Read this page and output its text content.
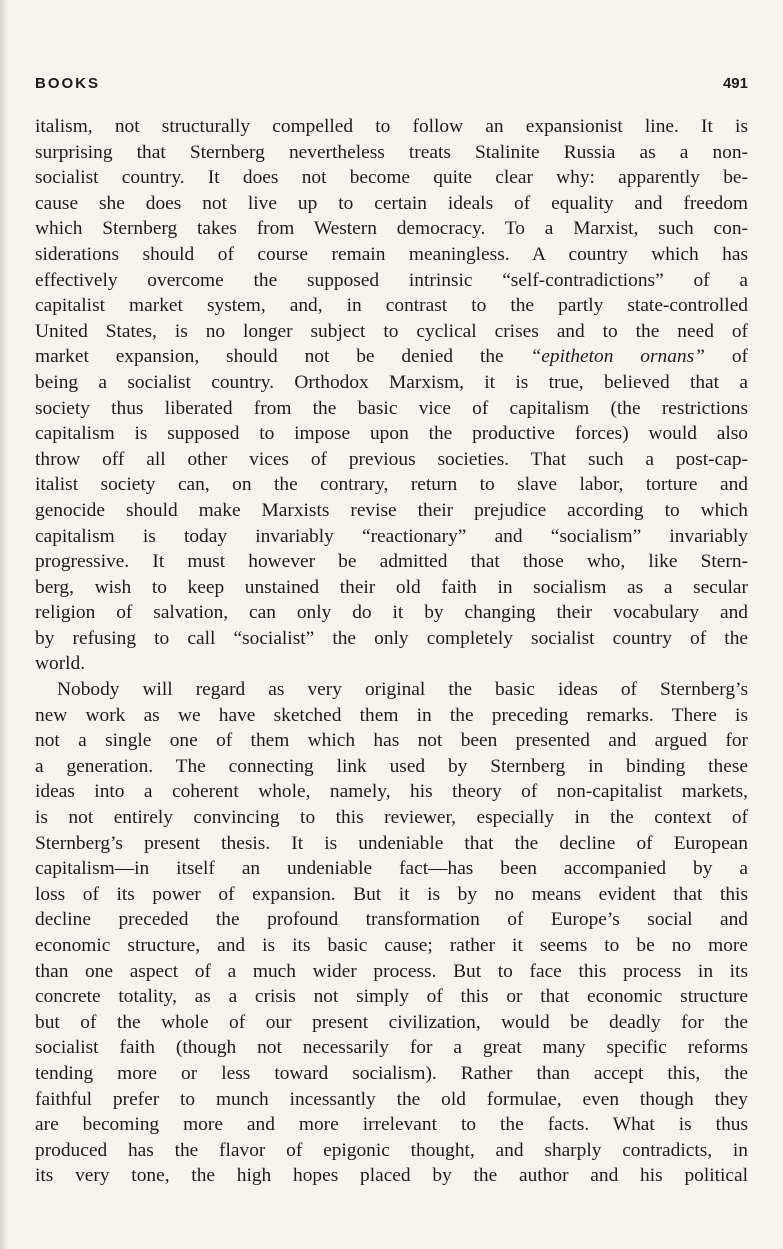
BOOKS	491
italism, not structurally compelled to follow an expansionist line. It is
surprising that Sternberg nevertheless treats Stalinite Russia as a non-
socialist country. It does not become quite clear why: apparently be-
cause she does not live up to certain ideals of equality and freedom
which Sternberg takes from Western democracy. To a Marxist, such con-
siderations should of course remain meaningless. A country which has
effectively overcome the supposed intrinsic “self-contradictions” of a
capitalist market system, and, in contrast to the partly state-controlled
United States, is no longer subject to cyclical crises and to the need of
market expansion, should not be denied the “epitheton ornans” of
being a socialist country. Orthodox Marxism, it is true, believed that a
society thus liberated from the basic vice of capitalism (the restrictions
capitalism is supposed to impose upon the productive forces) would also
throw off all other vices of previous societies. That such a post-cap-
italist society can, on the contrary, return to slave labor, torture and
genocide should make Marxists revise their prejudice according to which
capitalism is today invariably “reactionary” and “socialism” invariably
progressive. It must however be admitted that those who, like Stern-
berg, wish to keep unstained their old faith in socialism as a secular
religion of salvation, can only do it by changing their vocabulary and
by refusing to call “socialist” the only completely socialist country of the
world.
Nobody will regard as very original the basic ideas of Sternberg’s
new work as we have sketched them in the preceding remarks. There is
not a single one of them which has not been presented and argued for
a generation. The connecting link used by Sternberg in binding these
ideas into a coherent whole, namely, his theory of non-capitalist markets,
is not entirely convincing to this reviewer, especially in the context of
Sternberg’s present thesis. It is undeniable that the decline of European
capitalism—in itself an undeniable fact—has been accompanied by a
loss of its power of expansion. But it is by no means evident that this
decline preceded the profound transformation of Europe’s social and
economic structure, and is its basic cause; rather it seems to be no more
than one aspect of a much wider process. But to face this process in its
concrete totality, as a crisis not simply of this or that economic structure
but of the whole of our present civilization, would be deadly for the
socialist faith (though not necessarily for a great many specific reforms
tending more or less toward socialism). Rather than accept this, the
faithful prefer to munch incessantly the old formulae, even though they
are becoming more and more irrelevant to the facts. What is thus
produced has the flavor of epigonic thought, and sharply contradicts, in
its very tone, the high hopes placed by the author and his political
